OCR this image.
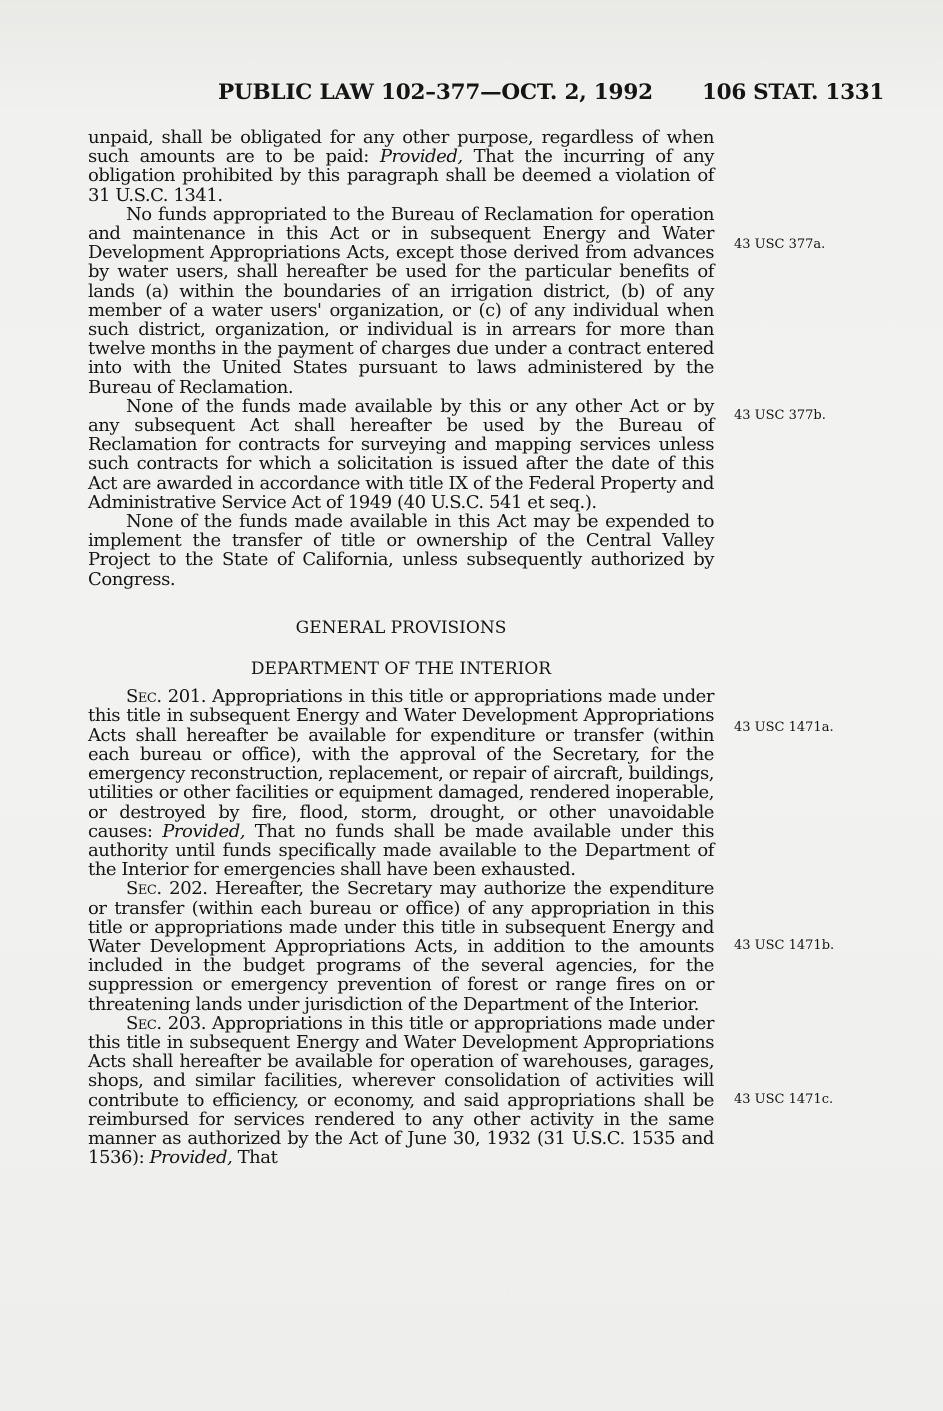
PUBLIC LAW 102–377—OCT. 2, 1992 106 STAT. 1331

unpaid, shall be obligated for any other purpose, regardless of when such amounts are to be paid: Provided, That the incurring of any obligation prohibited by this paragraph shall be deemed a violation of 31 U.S.C. 1341.

No funds appropriated to the Bureau of Reclamation for operation and maintenance in this Act or in subsequent Energy and Water Development Appropriations Acts, except those derived from advances by water users, shall hereafter be used for the particular benefits of lands (a) within the boundaries of an irrigation district, (b) of any member of a water users' organization, or (c) of any individual when such district, organization, or individual is in arrears for more than twelve months in the payment of charges due under a contract entered into with the United States pursuant to laws administered by the Bureau of Reclamation.

None of the funds made available by this or any other Act or by any subsequent Act shall hereafter be used by the Bureau of Reclamation for contracts for surveying and mapping services unless such contracts for which a solicitation is issued after the date of this Act are awarded in accordance with title IX of the Federal Property and Administrative Service Act of 1949 (40 U.S.C. 541 et seq.).

None of the funds made available in this Act may be expended to implement the transfer of title or ownership of the Central Valley Project to the State of California, unless subsequently authorized by Congress.

GENERAL PROVISIONS

DEPARTMENT OF THE INTERIOR

Sec. 201. Appropriations in this title or appropriations made under this title in subsequent Energy and Water Development Appropriations Acts shall hereafter be available for expenditure or transfer (within each bureau or office), with the approval of the Secretary, for the emergency reconstruction, replacement, or repair of aircraft, buildings, utilities or other facilities or equipment damaged, rendered inoperable, or destroyed by fire, flood, storm, drought, or other unavoidable causes: Provided, That no funds shall be made available under this authority until funds specifically made available to the Department of the Interior for emergencies shall have been exhausted.

Sec. 202. Hereafter, the Secretary may authorize the expenditure or transfer (within each bureau or office) of any appropriation in this title or appropriations made under this title in subsequent Energy and Water Development Appropriations Acts, in addition to the amounts included in the budget programs of the several agencies, for the suppression or emergency prevention of forest or range fires on or threatening lands under jurisdiction of the Department of the Interior.

Sec. 203. Appropriations in this title or appropriations made under this title in subsequent Energy and Water Development Appropriations Acts shall hereafter be available for operation of warehouses, garages, shops, and similar facilities, wherever consolidation of activities will contribute to efficiency, or economy, and said appropriations shall be reimbursed for services rendered to any other activity in the same manner as authorized by the Act of June 30, 1932 (31 U.S.C. 1535 and 1536): Provided, That

43 USC 377a.
43 USC 377b.
43 USC 1471a.
43 USC 1471b.
43 USC 1471c.
